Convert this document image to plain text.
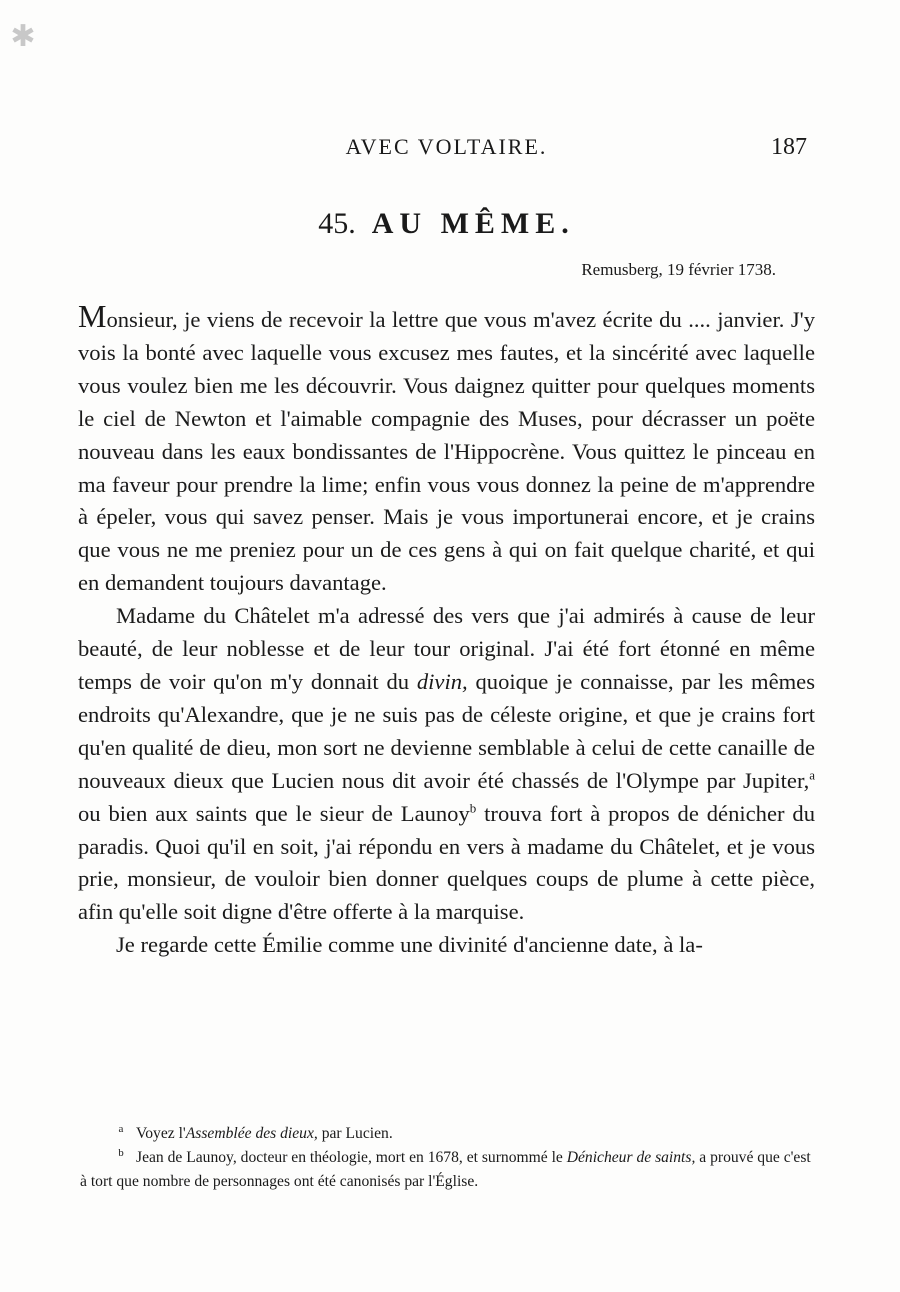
✱
AVEC VOLTAIRE.	187
45. AU MÊME.
Remusberg, 19 février 1738.

Monsieur, je viens de recevoir la lettre que vous m'avez écrite du .... janvier. J'y vois la bonté avec laquelle vous excusez mes fautes, et la sincérité avec laquelle vous voulez bien me les découvrir. Vous daignez quitter pour quelques moments le ciel de Newton et l'aimable compagnie des Muses, pour décrasser un poëte nouveau dans les eaux bondissantes de l'Hippocrène. Vous quittez le pinceau en ma faveur pour prendre la lime; enfin vous vous donnez la peine de m'apprendre à épeler, vous qui savez penser. Mais je vous importunerai encore, et je crains que vous ne me preniez pour un de ces gens à qui on fait quelque charité, et qui en demandent toujours davantage.

Madame du Châtelet m'a adressé des vers que j'ai admirés à cause de leur beauté, de leur noblesse et de leur tour original. J'ai été fort étonné en même temps de voir qu'on m'y donnait du divin, quoique je connaisse, par les mêmes endroits qu'Alexandre, que je ne suis pas de céleste origine, et que je crains fort qu'en qualité de dieu, mon sort ne devienne semblable à celui de cette canaille de nouveaux dieux que Lucien nous dit avoir été chassés de l'Olympe par Jupiter,$^a$ ou bien aux saints que le sieur de Launoy$^b$ trouva fort à propos de dénicher du paradis. Quoi qu'il en soit, j'ai répondu en vers à madame du Châtelet, et je vous prie, monsieur, de vouloir bien donner quelques coups de plume à cette pièce, afin qu'elle soit digne d'être offerte à la marquise.

Je regarde cette Émilie comme une divinité d'ancienne date, à la-

a Voyez l'Assemblée des dieux, par Lucien.

b Jean de Launoy, docteur en théologie, mort en 1678, et surnommé le Dénicheur de saints, a prouvé que c'est à tort que nombre de personnages ont été canonisés par l'Église.
